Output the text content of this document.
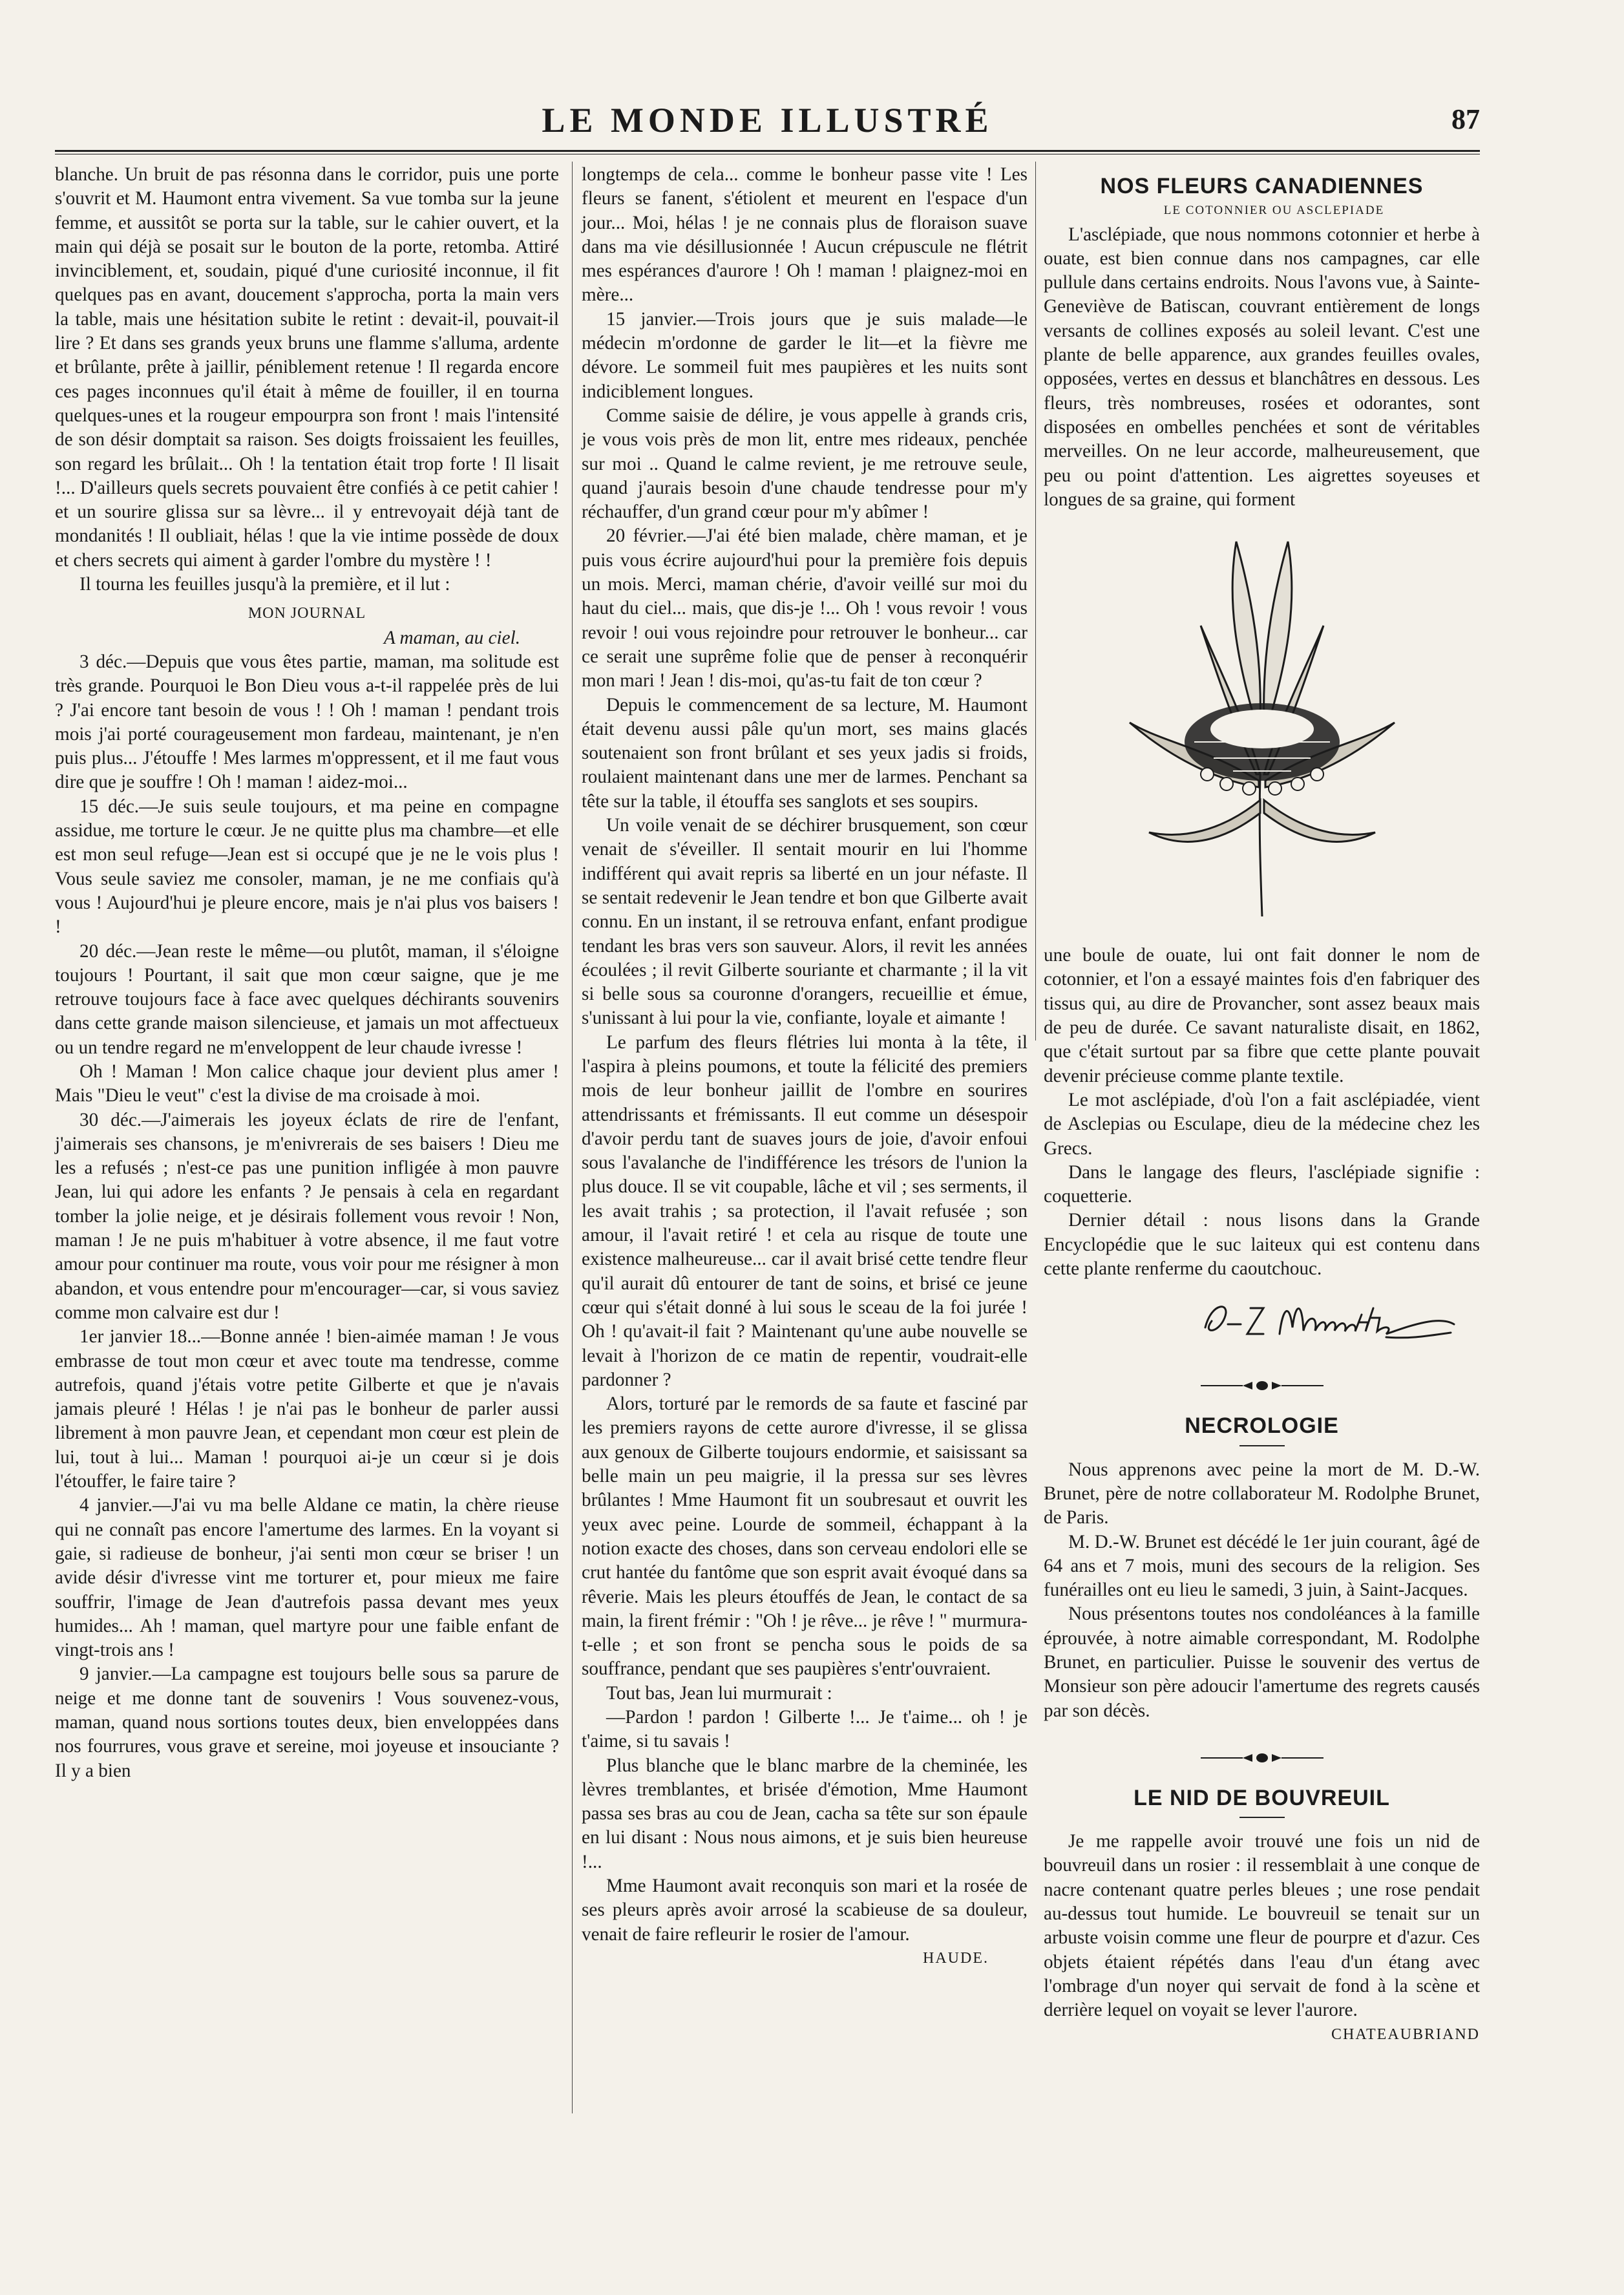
LE MONDE ILLUSTRÉ	87

blanche. Un bruit de pas résonna dans le corridor, puis une porte s'ouvrit et M. Haumont entra vivement. Sa vue tomba sur la jeune femme, et aussitôt se porta sur la table, sur le cahier ouvert, et la main qui déjà se posait sur le bouton de la porte, retomba. Attiré invinciblement, et, soudain, piqué d'une curiosité inconnue, il fit quelques pas en avant, doucement s'approcha, porta la main vers la table, mais une hésitation subite le retint : devait-il, pouvait-il lire ? Et dans ses grands yeux bruns une flamme s'alluma, ardente et brûlante, prête à jaillir, péniblement retenue ! Il regarda encore ces pages inconnues qu'il était à même de fouiller, il en tourna quelques-unes et la rougeur empourpra son front ! mais l'intensité de son désir domptait sa raison. Ses doigts froissaient les feuilles, son regard les brûlait... Oh ! la tentation était trop forte ! Il lisait !... D'ailleurs quels secrets pouvaient être confiés à ce petit cahier ! et un sourire glissa sur sa lèvre... il y entrevoyait déjà tant de mondanités ! Il oubliait, hélas ! que la vie intime possède de doux et chers secrets qui aiment à garder l'ombre du mystère ! !

Il tourna les feuilles jusqu'à la première, et il lut :

MON JOURNAL

A maman, au ciel.

3 déc.—Depuis que vous êtes partie, maman, ma solitude est très grande. Pourquoi le Bon Dieu vous a-t-il rappelée près de lui ? J'ai encore tant besoin de vous ! ! Oh ! maman ! pendant trois mois j'ai porté courageusement mon fardeau, maintenant, je n'en puis plus... J'étouffe ! Mes larmes m'oppressent, et il me faut vous dire que je souffre ! Oh ! maman ! aidez-moi...

15 déc.—Je suis seule toujours, et ma peine en compagne assidue, me torture le cœur. Je ne quitte plus ma chambre—et elle est mon seul refuge—Jean est si occupé que je ne le vois plus ! Vous seule saviez me consoler, maman, je ne me confiais qu'à vous ! Aujourd'hui je pleure encore, mais je n'ai plus vos baisers ! !

20 déc.—Jean reste le même—ou plutôt, maman, il s'éloigne toujours ! Pourtant, il sait que mon cœur saigne, que je me retrouve toujours face à face avec quelques déchirants souvenirs dans cette grande maison silencieuse, et jamais un mot affectueux ou un tendre regard ne m'enveloppent de leur chaude ivresse !

Oh ! Maman ! Mon calice chaque jour devient plus amer ! Mais "Dieu le veut" c'est la divise de ma croisade à moi.

30 déc.—J'aimerais les joyeux éclats de rire de l'enfant, j'aimerais ses chansons, je m'enivrerais de ses baisers ! Dieu me les a refusés ; n'est-ce pas une punition infligée à mon pauvre Jean, lui qui adore les enfants ? Je pensais à cela en regardant tomber la jolie neige, et je désirais follement vous revoir ! Non, maman ! Je ne puis m'habituer à votre absence, il me faut votre amour pour continuer ma route, vous voir pour me résigner à mon abandon, et vous entendre pour m'encourager—car, si vous saviez comme mon calvaire est dur !

1er janvier 18...—Bonne année ! bien-aimée maman ! Je vous embrasse de tout mon cœur et avec toute ma tendresse, comme autrefois, quand j'étais votre petite Gilberte et que je n'avais jamais pleuré ! Hélas ! je n'ai pas le bonheur de parler aussi librement à mon pauvre Jean, et cependant mon cœur est plein de lui, tout à lui... Maman ! pourquoi ai-je un cœur si je dois l'étouffer, le faire taire ?

4 janvier.—J'ai vu ma belle Aldane ce matin, la chère rieuse qui ne connaît pas encore l'amertume des larmes. En la voyant si gaie, si radieuse de bonheur, j'ai senti mon cœur se briser ! un avide désir d'ivresse vint me torturer et, pour mieux me faire souffrir, l'image de Jean d'autrefois passa devant mes yeux humides... Ah ! maman, quel martyre pour une faible enfant de vingt-trois ans !

9 janvier.—La campagne est toujours belle sous sa parure de neige et me donne tant de souvenirs ! Vous souvenez-vous, maman, quand nous sortions toutes deux, bien enveloppées dans nos fourrures, vous grave et sereine, moi joyeuse et insouciante ? Il y a bien

longtemps de cela... comme le bonheur passe vite ! Les fleurs se fanent, s'étiolent et meurent en l'espace d'un jour... Moi, hélas ! je ne connais plus de floraison suave dans ma vie désillusionnée ! Aucun crépuscule ne flétrit mes espérances d'aurore ! Oh ! maman ! plaignez-moi en mère...

15 janvier.—Trois jours que je suis malade—le médecin m'ordonne de garder le lit—et la fièvre me dévore. Le sommeil fuit mes paupières et les nuits sont indiciblement longues.

Comme saisie de délire, je vous appelle à grands cris, je vous vois près de mon lit, entre mes rideaux, penchée sur moi .. Quand le calme revient, je me retrouve seule, quand j'aurais besoin d'une chaude tendresse pour m'y réchauffer, d'un grand cœur pour m'y abîmer !

20 février.—J'ai été bien malade, chère maman, et je puis vous écrire aujourd'hui pour la première fois depuis un mois. Merci, maman chérie, d'avoir veillé sur moi du haut du ciel... mais, que dis-je !... Oh ! vous revoir ! vous revoir ! oui vous rejoindre pour retrouver le bonheur... car ce serait une suprême folie que de penser à reconquérir mon mari ! Jean ! dis-moi, qu'as-tu fait de ton cœur ?

Depuis le commencement de sa lecture, M. Haumont était devenu aussi pâle qu'un mort, ses mains glacés soutenaient son front brûlant et ses yeux jadis si froids, roulaient maintenant dans une mer de larmes. Penchant sa tête sur la table, il étouffa ses sanglots et ses soupirs.

Un voile venait de se déchirer brusquement, son cœur venait de s'éveiller. Il sentait mourir en lui l'homme indifférent qui avait repris sa liberté en un jour néfaste. Il se sentait redevenir le Jean tendre et bon que Gilberte avait connu. En un instant, il se retrouva enfant, enfant prodigue tendant les bras vers son sauveur. Alors, il revit les années écoulées ; il revit Gilberte souriante et charmante ; il la vit si belle sous sa couronne d'orangers, recueillie et émue, s'unissant à lui pour la vie, confiante, loyale et aimante !

Le parfum des fleurs flétries lui monta à la tête, il l'aspira à pleins poumons, et toute la félicité des premiers mois de leur bonheur jaillit de l'ombre en sourires attendrissants et frémissants. Il eut comme un désespoir d'avoir perdu tant de suaves jours de joie, d'avoir enfoui sous l'avalanche de l'indifférence les trésors de l'union la plus douce. Il se vit coupable, lâche et vil ; ses serments, il les avait trahis ; sa protection, il l'avait refusée ; son amour, il l'avait retiré ! et cela au risque de toute une existence malheureuse... car il avait brisé cette tendre fleur qu'il aurait dû entourer de tant de soins, et brisé ce jeune cœur qui s'était donné à lui sous le sceau de la foi jurée ! Oh ! qu'avait-il fait ? Maintenant qu'une aube nouvelle se levait à l'horizon de ce matin de repentir, voudrait-elle pardonner ?

Alors, torturé par le remords de sa faute et fasciné par les premiers rayons de cette aurore d'ivresse, il se glissa aux genoux de Gilberte toujours endormie, et saisissant sa belle main un peu maigrie, il la pressa sur ses lèvres brûlantes ! Mme Haumont fit un soubresaut et ouvrit les yeux avec peine. Lourde de sommeil, échappant à la notion exacte des choses, dans son cerveau endolori elle se crut hantée du fantôme que son esprit avait évoqué dans sa rêverie. Mais les pleurs étouffés de Jean, le contact de sa main, la firent frémir : "Oh ! je rêve... je rêve ! " murmura-t-elle ; et son front se pencha sous le poids de sa souffrance, pendant que ses paupières s'entr'ouvraient.

Tout bas, Jean lui murmurait :

—Pardon ! pardon ! Gilberte !... Je t'aime... oh ! je t'aime, si tu savais !

Plus blanche que le blanc marbre de la cheminée, les lèvres tremblantes, et brisée d'émotion, Mme Haumont passa ses bras au cou de Jean, cacha sa tête sur son épaule en lui disant : Nous nous aimons, et je suis bien heureuse !...

Mme Haumont avait reconquis son mari et la rosée de ses pleurs après avoir arrosé la scabieuse de sa douleur, venait de faire refleurir le rosier de l'amour.

HAUDE.

NOS FLEURS CANADIENNES

LE COTONNIER OU ASCLEPIADE

L'asclépiade, que nous nommons cotonnier et herbe à ouate, est bien connue dans nos campagnes, car elle pullule dans certains endroits. Nous l'avons vue, à Sainte-Geneviève de Batiscan, couvrant entièrement de longs versants de collines exposés au soleil levant. C'est une plante de belle apparence, aux grandes feuilles ovales, opposées, vertes en dessus et blanchâtres en dessous. Les fleurs, très nombreuses, rosées et odorantes, sont disposées en ombelles penchées et sont de véritables merveilles. On ne leur accorde, malheureusement, que peu ou point d'attention. Les aigrettes soyeuses et longues de sa graine, qui forment

une boule de ouate, lui ont fait donner le nom de cotonnier, et l'on a essayé maintes fois d'en fabriquer des tissus qui, au dire de Provancher, sont assez beaux mais de peu de durée. Ce savant naturaliste disait, en 1862, que c'était surtout par sa fibre que cette plante pouvait devenir précieuse comme plante textile.

Le mot asclépiade, d'où l'on a fait asclépiadée, vient de Asclepias ou Esculape, dieu de la médecine chez les Grecs.

Dans le langage des fleurs, l'asclépiade signifie : coquetterie.

Dernier détail : nous lisons dans la Grande Encyclopédie que le suc laiteux qui est contenu dans cette plante renferme du caoutchouc.

NECROLOGIE

Nous apprenons avec peine la mort de M. D.-W. Brunet, père de notre collaborateur M. Rodolphe Brunet, de Paris.

M. D.-W. Brunet est décédé le 1er juin courant, âgé de 64 ans et 7 mois, muni des secours de la religion. Ses funérailles ont eu lieu le samedi, 3 juin, à Saint-Jacques.

Nous présentons toutes nos condoléances à la famille éprouvée, à notre aimable correspondant, M. Rodolphe Brunet, en particulier. Puisse le souvenir des vertus de Monsieur son père adoucir l'amertume des regrets causés par son décès.

LE NID DE BOUVREUIL

Je me rappelle avoir trouvé une fois un nid de bouvreuil dans un rosier : il ressemblait à une conque de nacre contenant quatre perles bleues ; une rose pendait au-dessus tout humide. Le bouvreuil se tenait sur un arbuste voisin comme une fleur de pourpre et d'azur. Ces objets étaient répétés dans l'eau d'un étang avec l'ombrage d'un noyer qui servait de fond à la scène et derrière lequel on voyait se lever l'aurore.

CHATEAUBRIAND
